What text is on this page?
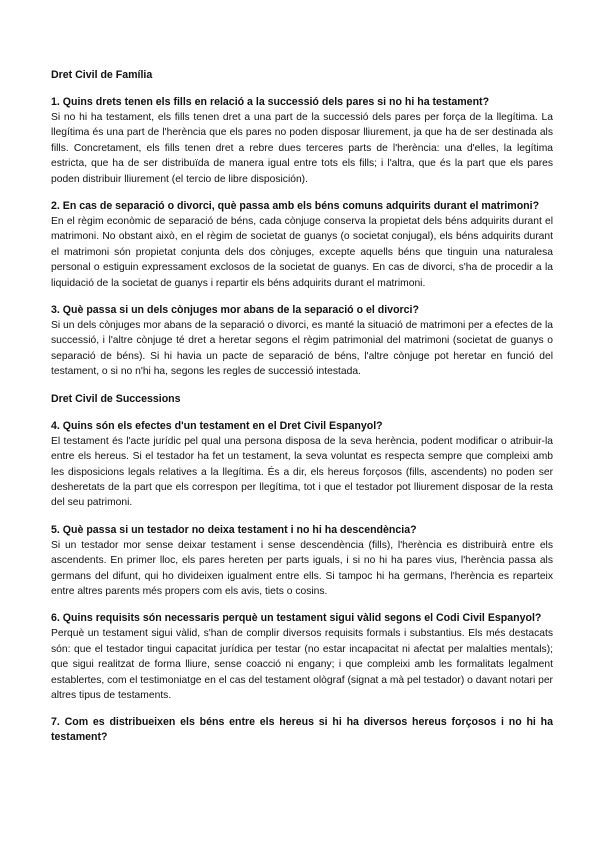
Dret Civil de Família

1. Quins drets tenen els fills en relació a la successió dels pares si no hi ha testament?

Si no hi ha testament, els fills tenen dret a una part de la successió dels pares per força de la llegítima. La llegítima és una part de l'herència que els pares no poden disposar lliurement, ja que ha de ser destinada als fills. Concretament, els fills tenen dret a rebre dues terceres parts de l'herència: una d'elles, la legítima estricta, que ha de ser distribuïda de manera igual entre tots els fills; i l'altra, que és la part que els pares poden distribuir lliurement (el tercio de libre disposición).

2. En cas de separació o divorci, què passa amb els béns comuns adquirits durant el matrimoni?

En el règim econòmic de separació de béns, cada cònjuge conserva la propietat dels béns adquirits durant el matrimoni. No obstant això, en el règim de societat de guanys (o societat conjugal), els béns adquirits durant el matrimoni són propietat conjunta dels dos cònjuges, excepte aquells béns que tinguin una naturalesa personal o estiguin expressament exclosos de la societat de guanys. En cas de divorci, s'ha de procedir a la liquidació de la societat de guanys i repartir els béns adquirits durant el matrimoni.

3. Què passa si un dels cònjuges mor abans de la separació o el divorci?

Si un dels cònjuges mor abans de la separació o divorci, es manté la situació de matrimoni per a efectes de la successió, i l'altre cònjuge té dret a heretar segons el règim patrimonial del matrimoni (societat de guanys o separació de béns). Si hi havia un pacte de separació de béns, l'altre cònjuge pot heretar en funció del testament, o si no n'hi ha, segons les regles de successió intestada.

Dret Civil de Successions

4. Quins són els efectes d'un testament en el Dret Civil Espanyol?

El testament és l'acte jurídic pel qual una persona disposa de la seva herència, podent modificar o atribuir-la entre els hereus. Si el testador ha fet un testament, la seva voluntat es respecta sempre que compleixi amb les disposicions legals relatives a la llegítima. És a dir, els hereus forçosos (fills, ascendents) no poden ser desheretats de la part que els correspon per llegítima, tot i que el testador pot lliurement disposar de la resta del seu patrimoni.

5. Què passa si un testador no deixa testament i no hi ha descendència?

Si un testador mor sense deixar testament i sense descendència (fills), l'herència es distribuirà entre els ascendents. En primer lloc, els pares hereten per parts iguals, i si no hi ha pares vius, l'herència passa als germans del difunt, qui ho divideixen igualment entre ells. Si tampoc hi ha germans, l'herència es reparteix entre altres parents més propers com els avis, tiets o cosins.

6. Quins requisits són necessaris perquè un testament sigui vàlid segons el Codi Civil Espanyol?

Perquè un testament sigui vàlid, s'han de complir diversos requisits formals i substantius. Els més destacats són: que el testador tingui capacitat jurídica per testar (no estar incapacitat ni afectat per malalties mentals); que sigui realitzat de forma lliure, sense coacció ni engany; i que compleixi amb les formalitats legalment establertes, com el testimoniatge en el cas del testament ològraf (signat a mà pel testador) o davant notari per altres tipus de testaments.

7. Com es distribueixen els béns entre els hereus si hi ha diversos hereus forçosos i no hi ha testament?
